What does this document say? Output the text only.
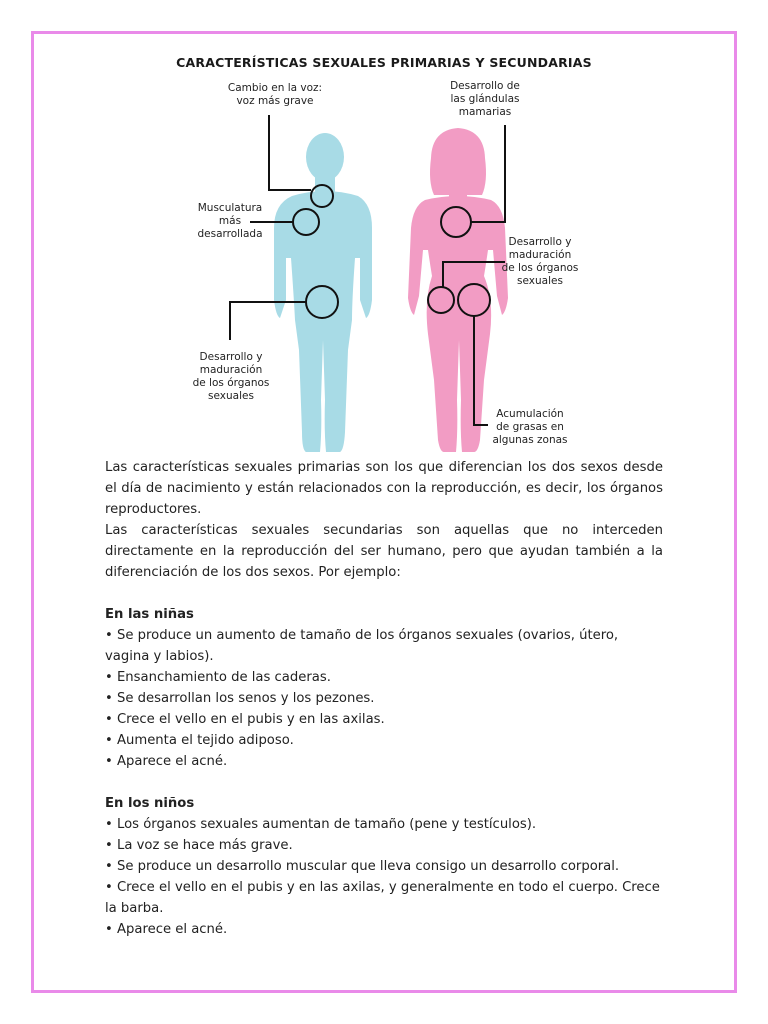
CARACTERÍSTICAS SEXUALES PRIMARIAS Y SECUNDARIAS
Cambio en la voz:
voz más grave
Musculatura
más
desarrollada
Desarrollo y
maduración
de los órganos
sexuales
Desarrollo de
las glándulas
mamarias
Desarrollo y
maduración
de los órganos
sexuales
Acumulación
de grasas en
algunas zonas

Las características sexuales primarias son los que diferencian los dos sexos desde el día de nacimiento y están relacionados con la reproducción, es decir, los órganos reproductores.

Las características sexuales secundarias son aquellas que no interceden directamente en la reproducción del ser humano, pero que ayudan también a la diferenciación de los dos sexos. Por ejemplo:

En las niñas
• Se produce un aumento de tamaño de los órganos sexuales (ovarios, útero, vagina y labios).
• Ensanchamiento de las caderas.
• Se desarrollan los senos y los pezones.
• Crece el vello en el pubis y en las axilas.
• Aumenta el tejido adiposo.
• Aparece el acné.
En los niños
• Los órganos sexuales aumentan de tamaño (pene y testículos).
• La voz se hace más grave.
• Se produce un desarrollo muscular que lleva consigo un desarrollo corporal.
• Crece el vello en el pubis y en las axilas, y generalmente en todo el cuerpo. Crece la barba.
• Aparece el acné.
